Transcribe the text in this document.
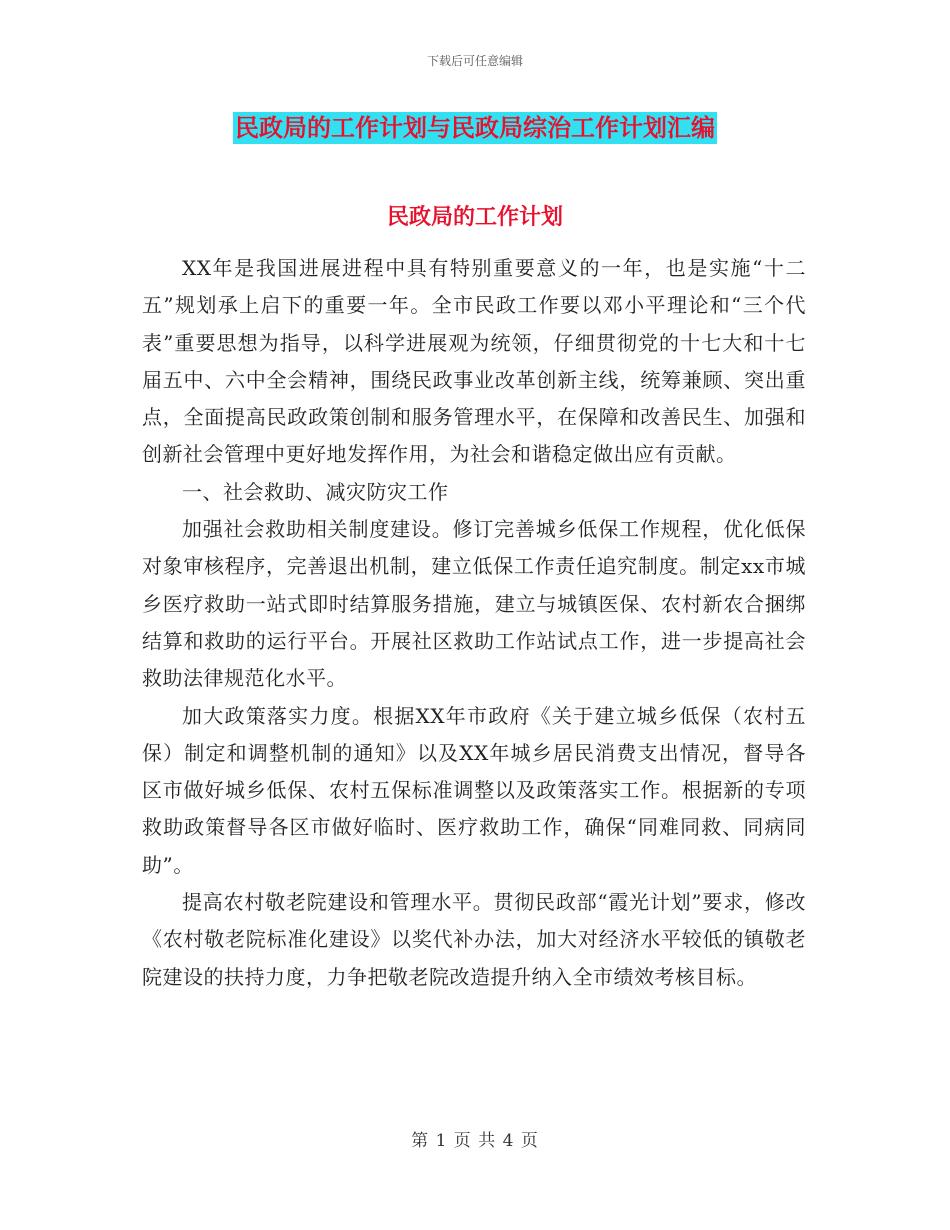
下载后可任意编辑
民政局的工作计划与民政局综治工作计划汇编
民政局的工作计划

XX年是我国进展进程中具有特别重要意义的一年，也是实施“十二五”规划承上启下的重要一年。全市民政工作要以邓小平理论和“三个代表”重要思想为指导，以科学进展观为统领，仔细贯彻党的十七大和十七届五中、六中全会精神，围绕民政事业改革创新主线，统筹兼顾、突出重点，全面提高民政政策创制和服务管理水平，在保障和改善民生、加强和创新社会管理中更好地发挥作用，为社会和谐稳定做出应有贡献。

一、社会救助、减灾防灾工作

加强社会救助相关制度建设。修订完善城乡低保工作规程，优化低保对象审核程序，完善退出机制，建立低保工作责任追究制度。制定xx市城乡医疗救助一站式即时结算服务措施，建立与城镇医保、农村新农合捆绑结算和救助的运行平台。开展社区救助工作站试点工作，进一步提高社会救助法律规范化水平。

加大政策落实力度。根据XX年市政府《关于建立城乡低保（农村五保）制定和调整机制的通知》以及XX年城乡居民消费支出情况，督导各区市做好城乡低保、农村五保标准调整以及政策落实工作。根据新的专项救助政策督导各区市做好临时、医疗救助工作，确保“同难同救、同病同助”。

提高农村敬老院建设和管理水平。贯彻民政部“霞光计划”要求，修改《农村敬老院标准化建设》以奖代补办法，加大对经济水平较低的镇敬老院建设的扶持力度，力争把敬老院改造提升纳入全市绩效考核目标。

第 1 页 共 4 页
